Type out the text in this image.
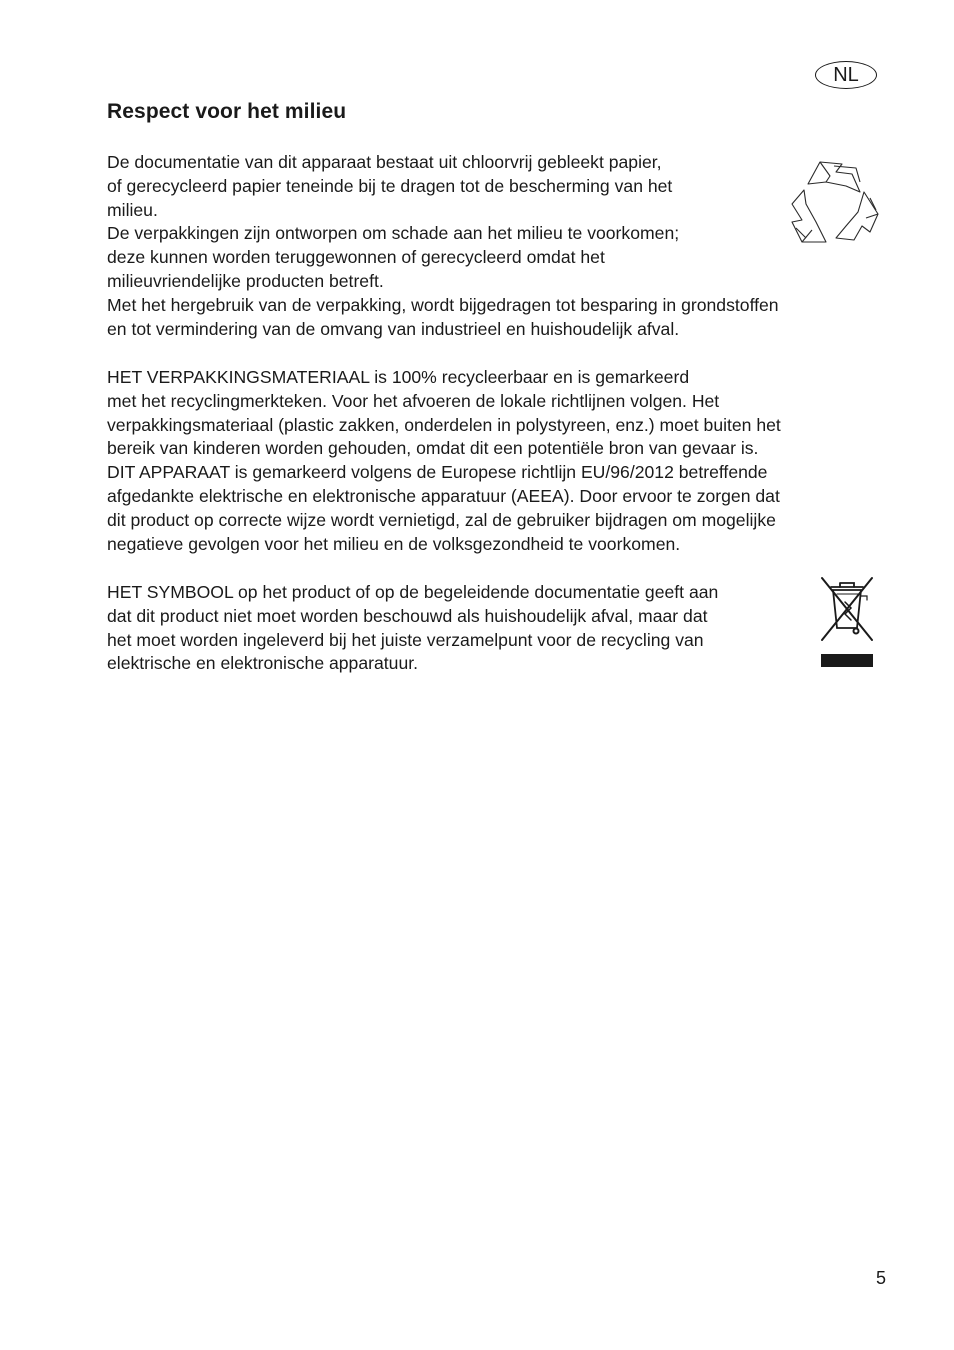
NL
Respect voor het milieu
De documentatie van dit apparaat bestaat uit chloorvrij gebleekt papier,
of gerecycleerd papier teneinde bij te dragen tot de bescherming van het
milieu.
De verpakkingen zijn ontworpen om schade aan het milieu te voorkomen;
deze kunnen worden teruggewonnen of gerecycleerd omdat het
milieuvriendelijke producten betreft.
Met het hergebruik van de verpakking, wordt bijgedragen tot besparing in grondstoffen
en tot vermindering van de omvang van industrieel en huishoudelijk afval.
HET VERPAKKINGSMATERIAAL is 100% recycleerbaar en is gemarkeerd
met het recyclingmerkteken. Voor het afvoeren de lokale richtlijnen volgen. Het
verpakkingsmateriaal (plastic zakken, onderdelen in polystyreen, enz.) moet buiten het
bereik van kinderen worden gehouden, omdat dit een potentiële bron van gevaar is.
DIT APPARAAT is gemarkeerd volgens de Europese richtlijn EU/96/2012 betreffende
afgedankte elektrische en elektronische apparatuur (AEEA). Door ervoor te zorgen dat
dit product op correcte wijze wordt vernietigd, zal de gebruiker bijdragen om mogelijke
negatieve gevolgen voor het milieu en de volksgezondheid te voorkomen.
HET SYMBOOL op het product of op de begeleidende documentatie geeft aan
dat dit product niet moet worden beschouwd als huishoudelijk afval, maar dat
het moet worden ingeleverd bij het juiste verzamelpunt voor de recycling van
elektrische en elektronische apparatuur.
5
